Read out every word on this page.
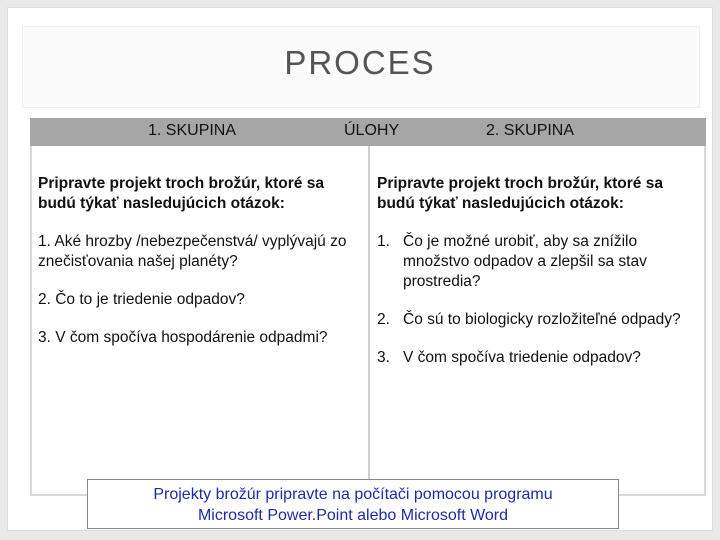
PROCES
1. SKUPINA	ÚLOHY	2. SKUPINA
Pripravte projekt troch brožúr, ktoré sa budú týkať nasledujúcich otázok:
1. Aké hrozby /nebezpečenstvá/ vyplývajú zo znečisťovania našej planéty?
2. Čo to je triedenie odpadov?
3. V čom spočíva hospodárenie odpadmi?
Pripravte projekt troch brožúr, ktoré sa budú týkať nasledujúcich otázok:
1. Čo je možné urobiť, aby sa znížilo množstvo odpadov a zlepšil sa stav prostredia?
2. Čo sú to biologicky rozložiteľné odpady?
3. V čom spočíva triedenie odpadov?
Projekty brožúr pripravte na počítači pomocou programu
Microsoft Power.Point alebo Microsoft Word
